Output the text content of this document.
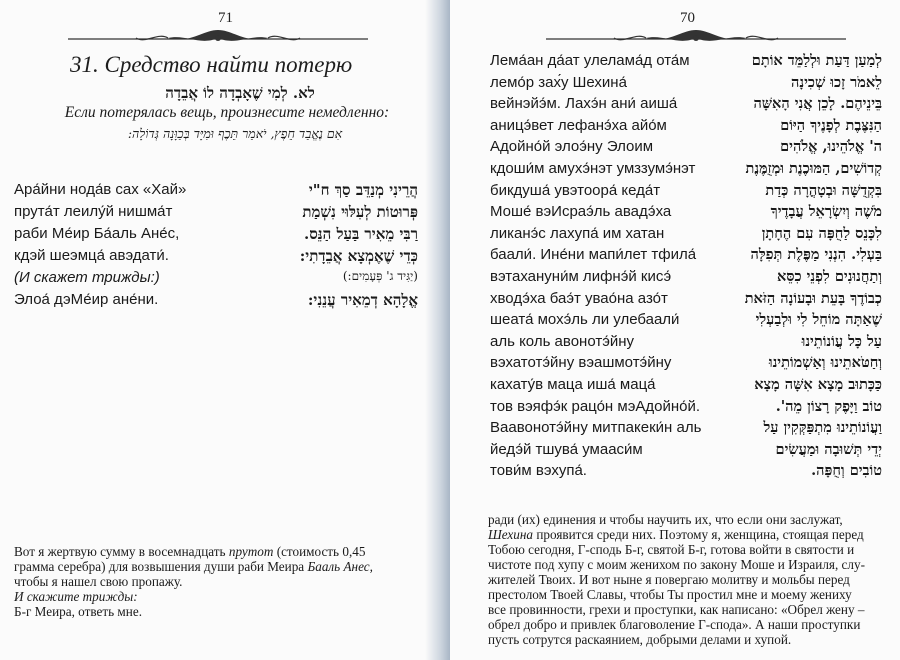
71
31. Средство найти потерю
לא. לְמִי שֶׁאָבְדָה לוֹ אֲבֵדָה
Если потерялась вещь, произнесите немедленно:
אִם נֶאֱבַד חֵפֶץ, יֹאמַר תֵּכֶף וּמִיָּד בְּכַוָּנָה גְּדוֹלָה:
Ара́йни нода́в сах «Хай»	הֲרֵינִי מְנַדֵּב סַךְ ח"י
прута́т леилу́й нишма́т	פְּרוּטוֹת לְעִלּוּי נִשְׁמַת
раби Ме́ир Ба́аль Ане́с,	רַבִּי מֵאִיר בַּעַל הַנֵּס.
кдэй шеэмца́ авэдати́.	כְּדֵי שֶׁאֶמְצָא אֲבֵדָתִי:
(И скажет трижды:)	(יַגִּיד ג' פְּעָמִים:)
Элоа́ дэМе́ир ане́ни.	אֱלָהָא דְמֵאִיר עֲנֵנִי:

Вот я жертвую сумму в восемнадцать прутот (стоимость 0,45

грамма серебра) для возвышения души раби Меира Бааль Анес,

чтобы я нашел свою пропажу.

И скажите трижды:

Б-г Меира, ответь мне.

70
Лема́ан да́ат улелама́д ота́м	לְמַעַן דַּעַת וּלְלַמֵּד אוֹתָם
лемо́р зах́у Шехина́	לֵאמֹר זָכוּ שְׁכִינָה
вейнэйэ́м. Лахэ́н ани́ аиша́	בֵּינֵיהֶם. לָכֵן אֲנִי הָאִשָּׁה
аницэ́вет лефанэ́ха айо́м	הַנִּצֶּבֶת לְפָנֶיךָ הַיּוֹם
Адойно́й элоэ́ну Элоим	ה' אֱלֹהֵינוּ, אֱלֹהִים
кдоши́м амухэ́нэт умззумэ́нэт	קְדוֹשִׁים, הַמּוּכֶנֶת וּמְזֻמֶּנֶת
бикдуша́ увэтоора́ кеда́т	בִּקְדֻשָּׁה וּבְטָהֳרָה כְּדַת
Моше́ вэИсраэ́ль авадэ́ха	מֹשֶׁה וְיִשְׂרָאֵל עֲבָדֶיךָ
ликанэ́с лахупа́ им хатан	לִכָּנֵס לַחֻפָּה עִם הֶחָתָן
баали́. Ине́ни мапи́лет тфила́	בַּעְלִי. הִנְנִי מַפֶּלֶת תְּפִלָּה
вэтахануни́м лифнэ́й кисэ́	וְתַחֲנוּנִים לִפְנֵי כִסֵּא
хводэ́ха баэ́т увао́на азо́т	כְבוֹדֶךָ בָּעֵת וּבָעוֹנָה הַזֹּאת
шеата́ мохэ́ль ли улебаали́	שֶׁאַתָּה מוֹחֵל לִי וּלְבַעְלִי
аль коль авонотэ́йну	עַל כָּל עֲוֹנוֹתֵינוּ
вэхатотэ́йну вэашмотэ́йну	וְחַטֹּאתֵינוּ וְאַשְׁמוֹתֵינוּ
кахату́в мацa иша́ маца́	כַּכָּתוּב מָצָא אִשָּׁה מָצָא
тов вэяфэ́к рацо́н мэАдойно́й.	טוֹב וַיָּפֶק רָצוֹן מֵה'.
Ваавонотэ́йну митпакеки́н аль	וַעֲוֹנוֹתֵינוּ מִתְפַּקְּקִין עַל
йедэ́й тшува́ умааси́м	יְדֵי תְּשׁוּבָה וּמַעֲשִׂים
тови́м вэхупа́.	טוֹבִים וְחֻפָּה.

ради (их) единения и чтобы научить их, что если они заслужат,

Шехина проявится среди них. Поэтому я, женщина, стоящая перед

Тобою сегодня, Г-сподь Б-г, святой Б-г, готова войти в святости и

чистоте под хупу с моим женихом по закону Моше и Израиля, слу-

жителей Твоих. И вот ныне я повергаю молитву и мольбы перед

престолом Твоей Славы, чтобы Ты простил мне и моему жениху

все провинности, грехи и проступки, как написано: «Обрел жену –

обрел добро и привлек благоволение Г-сподa». А наши проступки

пусть сотрутся раскаянием, добрыми делами и хупой.
